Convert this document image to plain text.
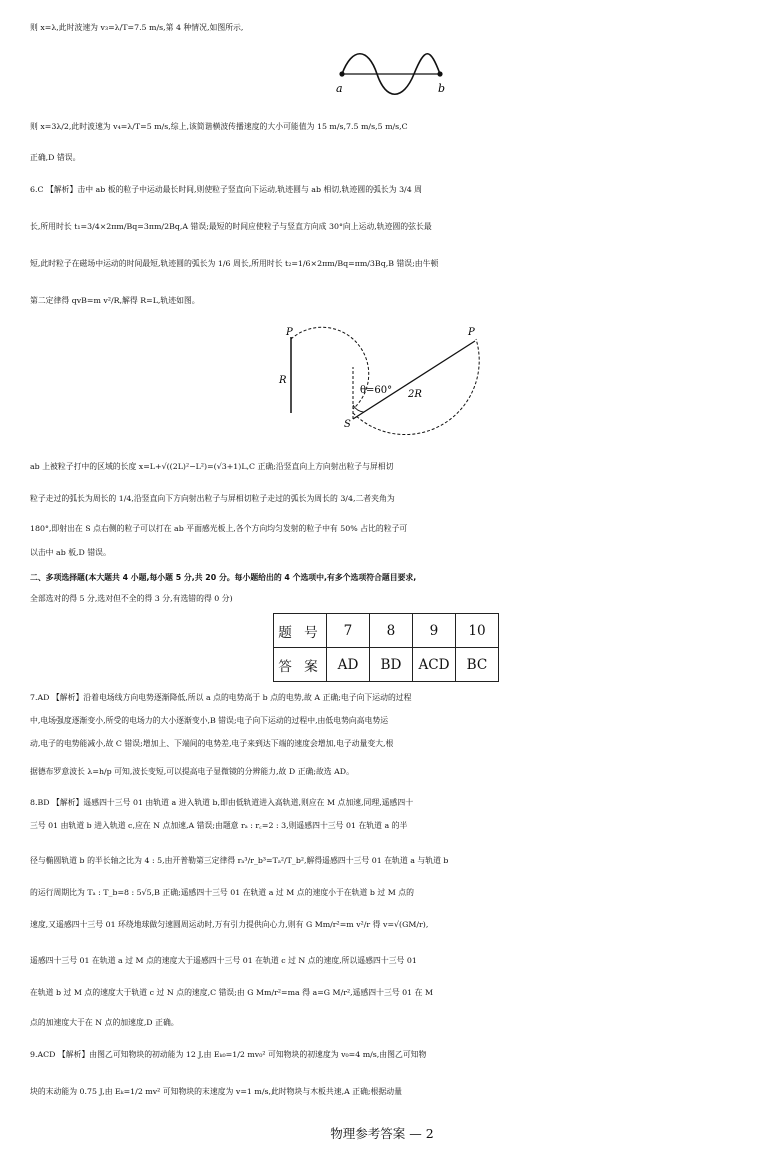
则 x=λ,此时波速为 v₃=λ/T=7.5 m/s,第 4 种情况,如图所示,
a	b
则 x=3λ/2,此时波速为 v₄=λ/T=5 m/s,综上,该简谐横波传播速度的大小可能值为 15 m/s,7.5 m/s,5 m/s,C
正确,D 错误。
6.C 【解析】击中 ab 板的粒子中运动最长时间,则使粒子竖直向下运动,轨迹圆与 ab 相切,轨迹圆的弧长为 3/4 周
长,所用时长 t₁=3/4×2πm/Bq=3πm/2Bq,A 错误;最短的时间应使粒子与竖直方向成 30°向上运动,轨迹圆的弦长最
短,此时粒子在磁场中运动的时间最短,轨迹圆的弧长为 1/6 周长,所用时长 t₂=1/6×2πm/Bq=πm/3Bq,B 错误;由牛顿
第二定律得 qvB=m v²/R,解得 R=L,轨迹如图。
P	P
R
θ=60° 2R
S
ab 上被粒子打中的区域的长度 x=L+√((2L)²−L²)=(√3+1)L,C 正确;沿竖直向上方向射出粒子与屏相切
粒子走过的弧长为周长的 1/4,沿竖直向下方向射出粒子与屏相切粒子走过的弧长为周长的 3/4,二者夹角为
180°,即射出在 S 点右侧的粒子可以打在 ab 平面感光板上,各个方向均匀发射的粒子中有 50% 占比的粒子可
以击中 ab 板,D 错误。
二、多项选择题(本大题共 4 小题,每小题 5 分,共 20 分。每小题给出的 4 个选项中,有多个选项符合题目要求,
全部选对的得 5 分,选对但不全的得 3 分,有选错的得 0 分)
题 号	7	8	9	10
答 案	AD	BD	ACD	BC
7.AD 【解析】沿着电场线方向电势逐渐降低,所以 a 点的电势高于 b 点的电势,故 A 正确;电子向下运动的过程
中,电场强度逐渐变小,所受的电场力的大小逐渐变小,B 错误;电子向下运动的过程中,由低电势向高电势运
动,电子的电势能减小,故 C 错误;增加上、下端间的电势差,电子来到达下端的速度会增加,电子动量变大,根
据德布罗意波长 λ=h/p 可知,波长变短,可以提高电子显微镜的分辨能力,故 D 正确;故选 AD。
8.BD 【解析】遥感四十三号 01 由轨道 a 进入轨道 b,即由低轨道进入高轨道,则应在 M 点加速,同理,遥感四十
三号 01 由轨道 b 进入轨道 c,应在 N 点加速,A 错误;由题意 rₐ : r꜀=2 : 3,则遥感四十三号 01 在轨道 a 的半
径与椭圆轨道 b 的半长轴之比为 4 : 5,由开普勒第三定律得 rₐ³/r_b³=Tₐ²/T_b²,解得遥感四十三号 01 在轨道 a 与轨道 b
的运行周期比为 Tₐ : T_b=8 : 5√5,B 正确;遥感四十三号 01 在轨道 a 过 M 点的速度小于在轨道 b 过 M 点的
速度,又遥感四十三号 01 环绕地球做匀速圆周运动时,万有引力提供向心力,则有 G Mm/r²=m v²/r 得 v=√(GM/r),
遥感四十三号 01 在轨道 a 过 M 点的速度大于遥感四十三号 01 在轨道 c 过 N 点的速度,所以遥感四十三号 01
在轨道 b 过 M 点的速度大于轨道 c 过 N 点的速度,C 错误;由 G Mm/r²=ma 得 a=G M/r²,遥感四十三号 01 在 M
点的加速度大于在 N 点的加速度,D 正确。
9.ACD 【解析】由图乙可知物块的初动能为 12 J,由 Eₖ₀=1/2 mv₀² 可知物块的初速度为 v₀=4 m/s,由图乙可知物
块的末动能为 0.75 J,由 Eₖ=1/2 mv² 可知物块的末速度为 v=1 m/s,此时物块与木板共速,A 正确;根据动量
物理参考答案 — 2
